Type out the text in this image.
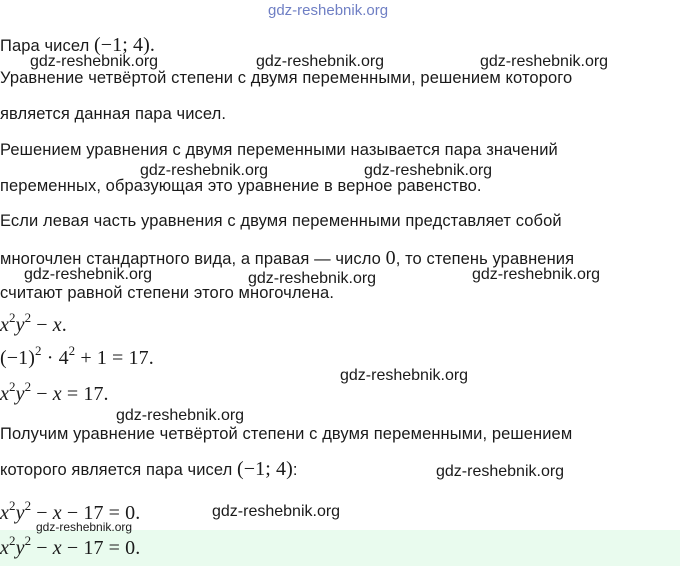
gdz-reshebnik.org
Пара чисел (−1; 4).
Уравнение четвёртой степени с двумя переменными, решением которого
является данная пара чисел.
Решением уравнения с двумя переменными называется пара значений
переменных, образующая это уравнение в верное равенство.
Если левая часть уравнения с двумя переменными представляет собой
многочлен стандартного вида, а правая — число 0, то степень уравнения
считают равной степени этого многочлена.
$x^2y^2 - x$.
$(-1)^2 \cdot 4^2 + 1 = 17$.
$x^2y^2 - x = 17$.
Получим уравнение четвёртой степени с двумя переменными, решением
которого является пара чисел (−1; 4):
$x^2y^2 - x - 17 = 0$.
$x^2y^2 - x - 17 = 0$.
gdz-reshebnik.org	gdz-reshebnik.org	gdz-reshebnik.org
gdz-reshebnik.org	gdz-reshebnik.org
gdz-reshebnik.org	gdz-reshebnik.org	gdz-reshebnik.org
gdz-reshebnik.org
gdz-reshebnik.org
gdz-reshebnik.org
gdz-reshebnik.org
gdz-reshebnik.org
